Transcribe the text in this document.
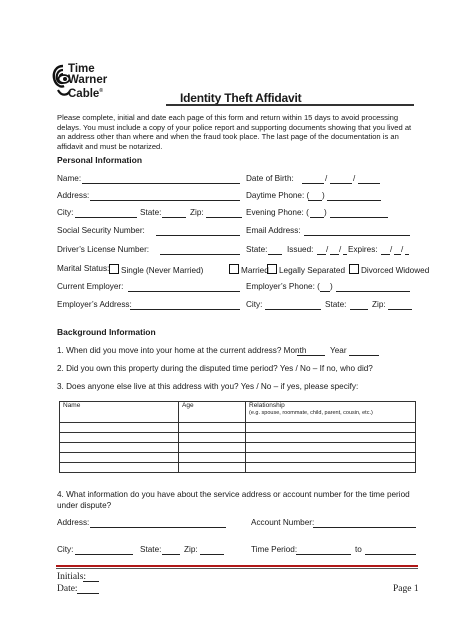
Time
Warner
Cable®	Identity Theft Affidavit
Please complete, initial and date each page of this form and return within 15 days to avoid processing delays. You must include a copy of your police report and supporting documents showing that you lived at an address other than where and when the fraud took place. The last page of the documentation is an affidavit and must be notarized.
Personal Information
Name:	Date of Birth:	/	/
Address:	Daytime Phone: ( )
City:	State:	Zip:	Evening Phone: ( )
Social Security Number:	Email Address:
Driver’s License Number:	State: Issued: / / Expires: / /
Marital Status:	Single (Never Married)	Married	Legally Separated	Divorced Widowed
Current Employer:	Employer’s Phone: ( )
Employer’s Address:	City:	State:	Zip:
Background Information
1. When did you move into your home at the current address? Month	Year
2. Did you own this property during the disputed time period? Yes / No – If no, who did?
3. Does anyone else live at this address with you? Yes / No – if yes, please specify:
Name	Age	Relationship
(e.g. spouse, roommate, child, parent, cousin, etc.)

4. What information do you have about the service address or account number for the time period under dispute?
Address:	Account Number:
City:	State:	Zip:	Time Period:	to
Initials:
Date:	Page 1
